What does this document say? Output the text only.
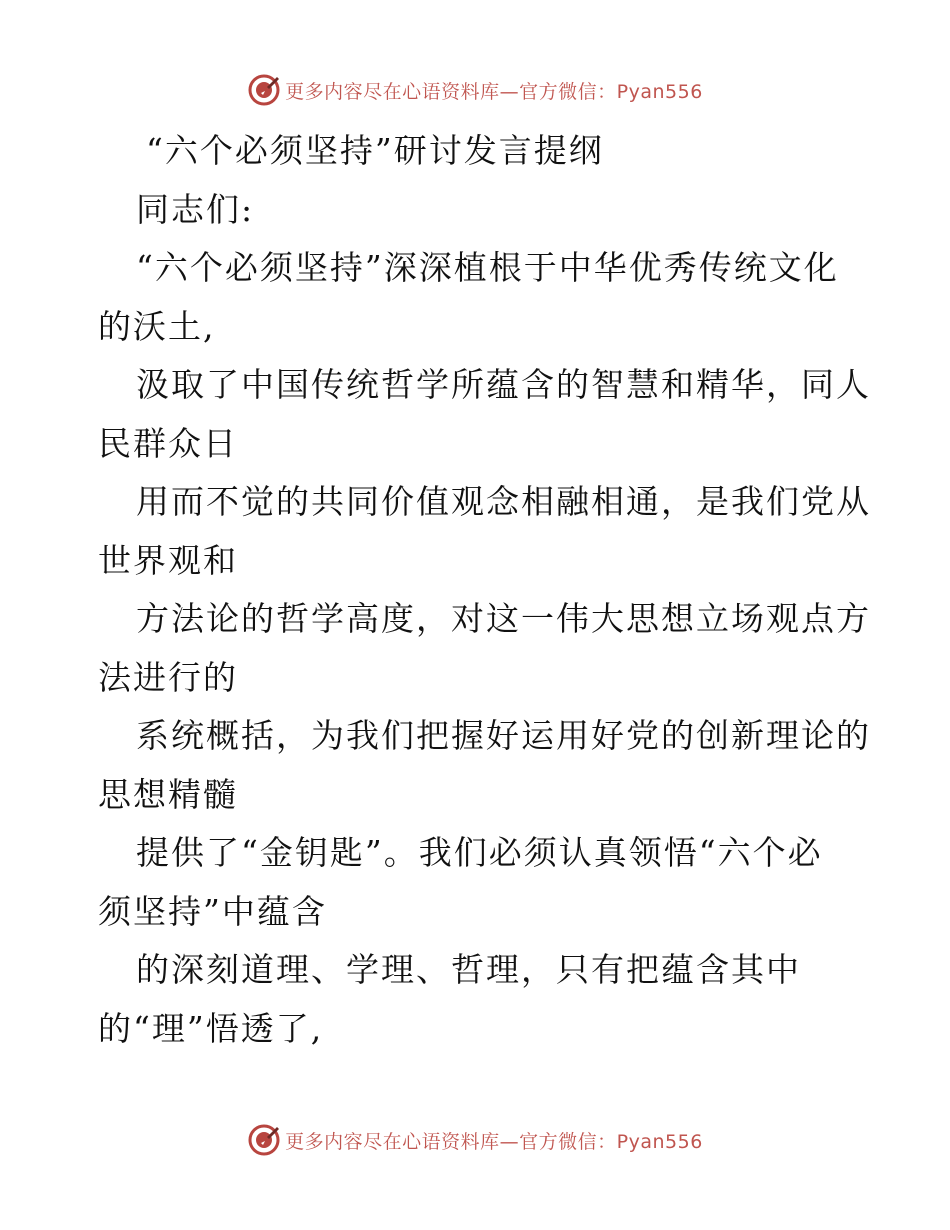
更多内容尽在心语资料库—官方微信：Pyan556
“六个必须坚持”研讨发言提纲
同志们:
“六个必须坚持”深深植根于中华优秀传统文化
的沃土,
汲取了中国传统哲学所蕴含的智慧和精华，同人
民群众日
用而不觉的共同价值观念相融相通，是我们党从
世界观和
方法论的哲学高度，对这一伟大思想立场观点方
法进行的
系统概括，为我们把握好运用好党的创新理论的
思想精髓
提供了“金钥匙”。我们必须认真领悟“六个必
须坚持”中蕴含
的深刻道理、学理、哲理，只有把蕴含其中
的“理”悟透了,
更多内容尽在心语资料库—官方微信：Pyan556
